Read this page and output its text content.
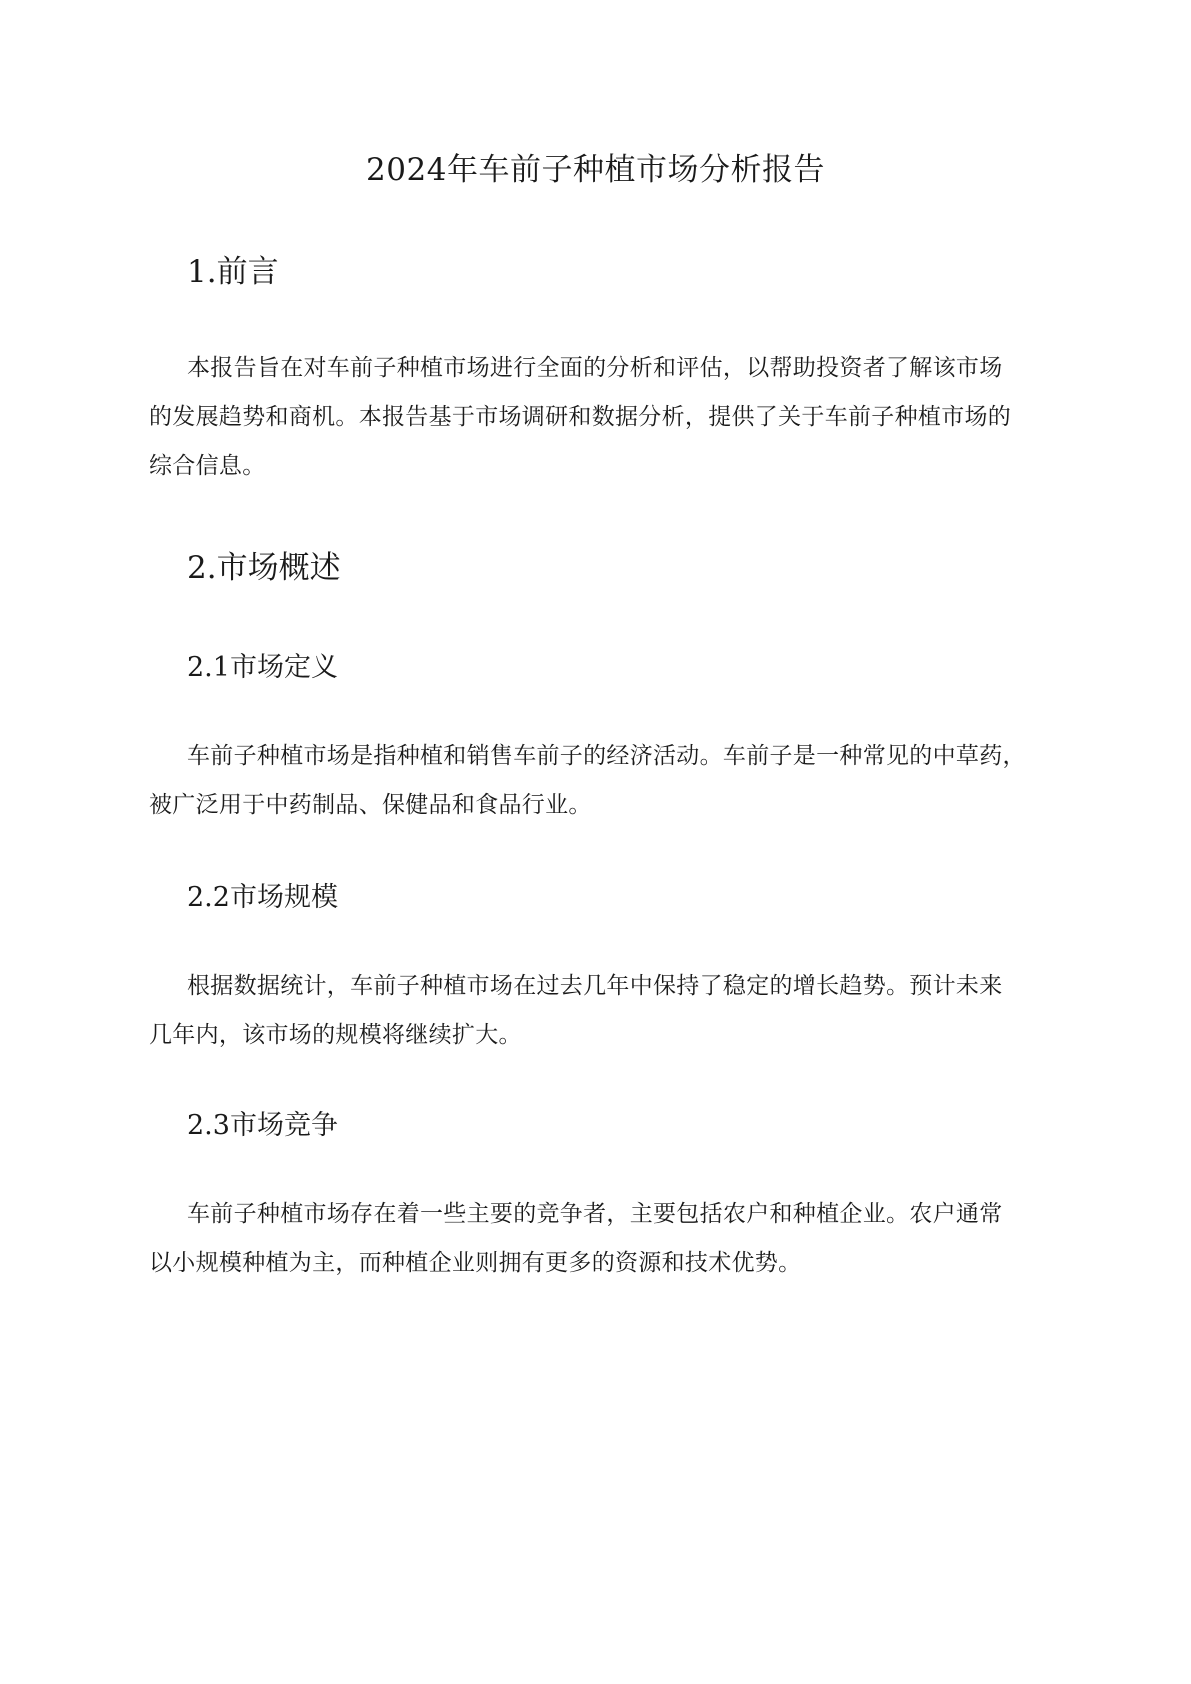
2024年车前子种植市场分析报告
1.前言
本报告旨在对车前子种植市场进行全面的分析和评估，以帮助投资者了解该市场
的发展趋势和商机。本报告基于市场调研和数据分析，提供了关于车前子种植市场的
综合信息。
2.市场概述
2.1市场定义
车前子种植市场是指种植和销售车前子的经济活动。车前子是一种常见的中草药，
被广泛用于中药制品、保健品和食品行业。
2.2市场规模
根据数据统计，车前子种植市场在过去几年中保持了稳定的增长趋势。预计未来
几年内，该市场的规模将继续扩大。
2.3市场竞争
车前子种植市场存在着一些主要的竞争者，主要包括农户和种植企业。农户通常
以小规模种植为主，而种植企业则拥有更多的资源和技术优势。
